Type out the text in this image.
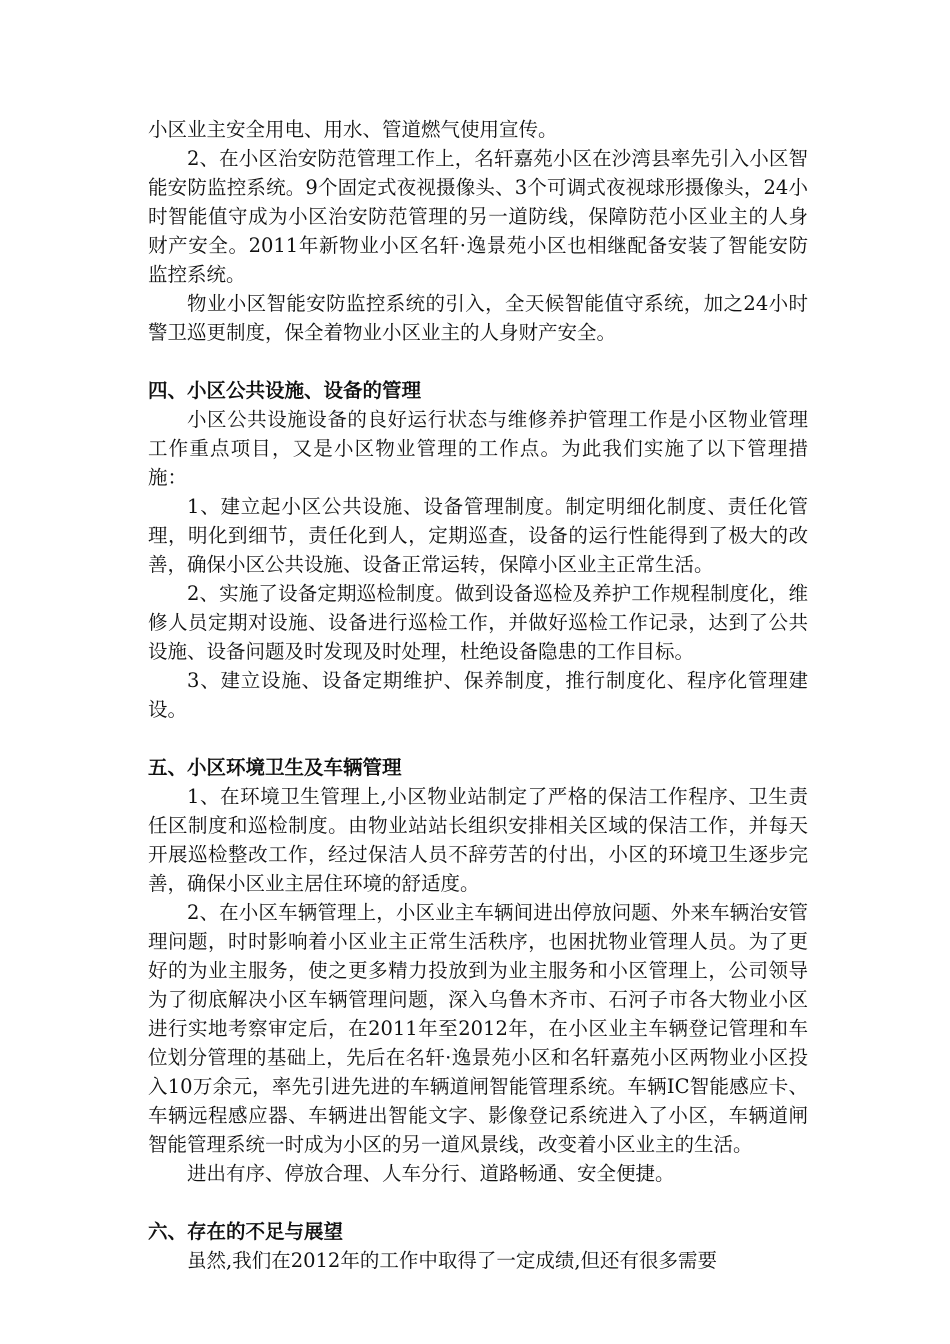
小区业主安全用电、用水、管道燃气使用宣传。

2、在小区治安防范管理工作上，名轩嘉苑小区在沙湾县率先引入小区智能安防监控系统。9个固定式夜视摄像头、3个可调式夜视球形摄像头，24小时智能值守成为小区治安防范管理的另一道防线，保障防范小区业主的人身财产安全。2011年新物业小区名轩·逸景苑小区也相继配备安装了智能安防监控系统。

物业小区智能安防监控系统的引入，全天候智能值守系统，加之24小时警卫巡更制度，保全着物业小区业主的人身财产安全。

四、小区公共设施、设备的管理

小区公共设施设备的良好运行状态与维修养护管理工作是小区物业管理工作重点项目，又是小区物业管理的工作点。为此我们实施了以下管理措施：

1、建立起小区公共设施、设备管理制度。制定明细化制度、责任化管理，明化到细节，责任化到人，定期巡查，设备的运行性能得到了极大的改善，确保小区公共设施、设备正常运转，保障小区业主正常生活。

2、实施了设备定期巡检制度。做到设备巡检及养护工作规程制度化，维修人员定期对设施、设备进行巡检工作，并做好巡检工作记录，达到了公共设施、设备问题及时发现及时处理，杜绝设备隐患的工作目标。

3、建立设施、设备定期维护、保养制度，推行制度化、程序化管理建设。

五、小区环境卫生及车辆管理

1、在环境卫生管理上,小区物业站制定了严格的保洁工作程序、卫生责任区制度和巡检制度。由物业站站长组织安排相关区域的保洁工作，并每天开展巡检整改工作，经过保洁人员不辞劳苦的付出，小区的环境卫生逐步完善，确保小区业主居住环境的舒适度。

2、在小区车辆管理上，小区业主车辆间进出停放问题、外来车辆治安管理问题，时时影响着小区业主正常生活秩序，也困扰物业管理人员。为了更好的为业主服务，使之更多精力投放到为业主服务和小区管理上，公司领导为了彻底解决小区车辆管理问题，深入乌鲁木齐市、石河子市各大物业小区进行实地考察审定后，在2011年至2012年，在小区业主车辆登记管理和车位划分管理的基础上，先后在名轩·逸景苑小区和名轩嘉苑小区两物业小区投入10万余元，率先引进先进的车辆道闸智能管理系统。车辆IC智能感应卡、车辆远程感应器、车辆进出智能文字、影像登记系统进入了小区，车辆道闸智能管理系统一时成为小区的另一道风景线，改变着小区业主的生活。

进出有序、停放合理、人车分行、道路畅通、安全便捷。

六、存在的不足与展望

虽然,我们在2012年的工作中取得了一定成绩,但还有很多需要
